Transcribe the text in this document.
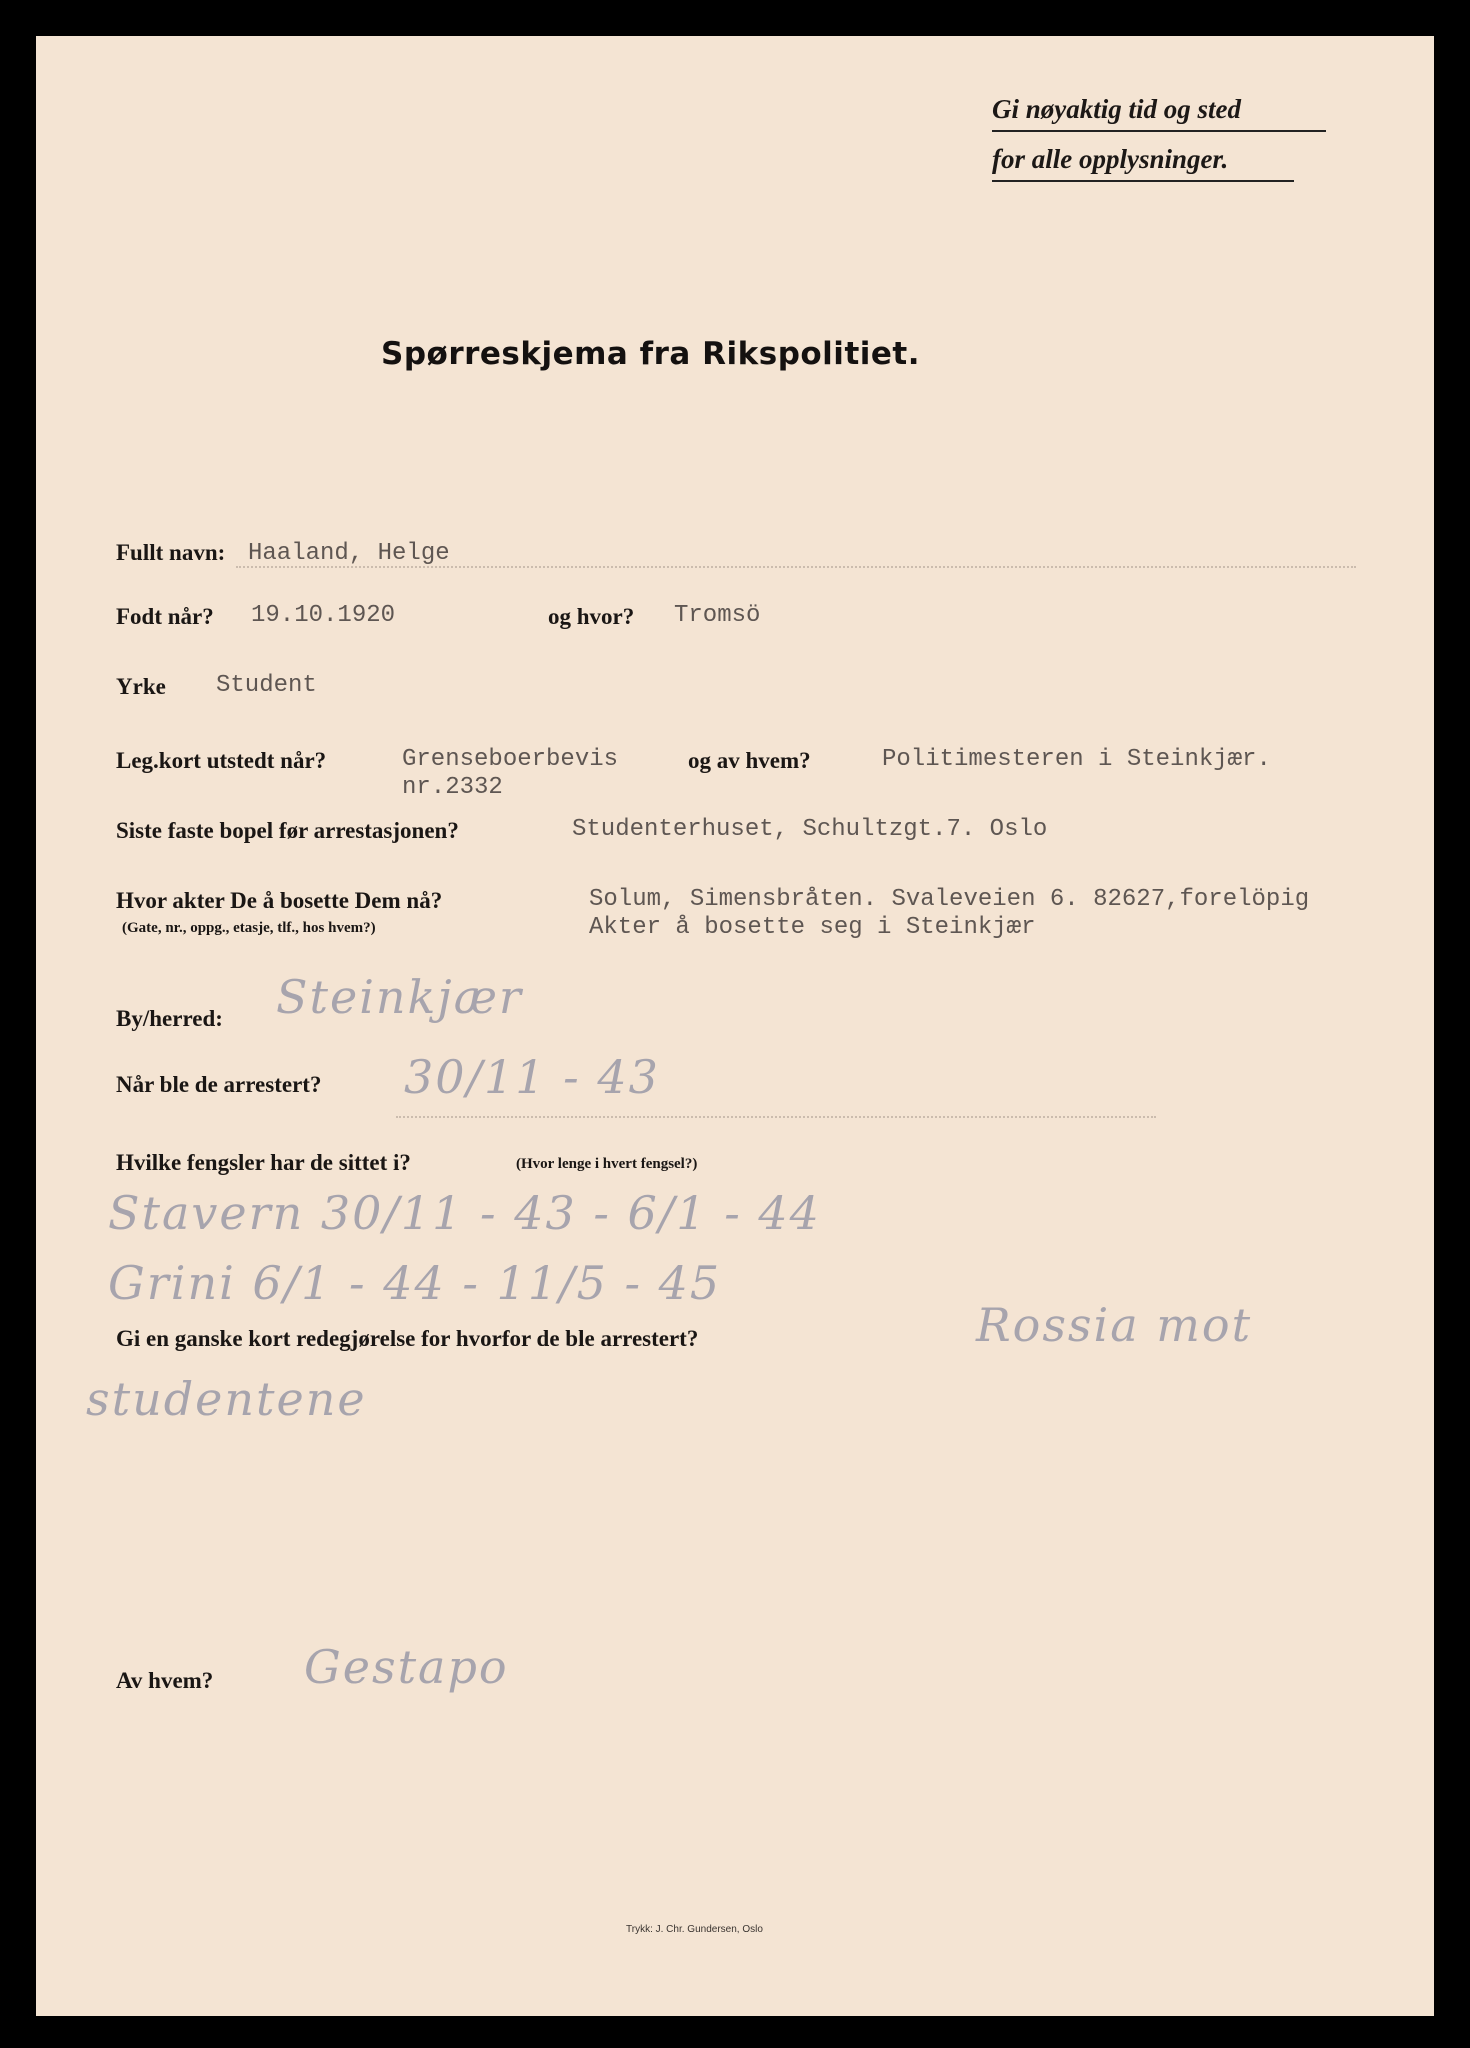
Gi nøyaktig tid og sted
for alle opplysninger.
Spørreskjema fra Rikspolitiet.
Fullt navn: Haaland, Helge
Fodt når? 19.10.1920	og hvor? Tromsö
Yrke Student
Leg.kort utstedt når?	Grenseboerbevis
nr.2332
og av hvem?	Politimesteren i Steinkjær.
Siste faste bopel før arrestasjonen?	Studenterhuset, Schultzgt.7. Oslo
Hvor akter De å bosette Dem nå?
(Gate, nr., oppg., etasje, tlf., hos hvem?)
Solum, Simensbråten. Svaleveien 6. 82627,forelöpig
Akter å bosette seg i Steinkjær
By/herred: Steinkjær
Når ble de arrestert? 30/11 - 43
Hvilke fengsler har de sittet i?	(Hvor lenge i hvert fengsel?)
Stavern 30/11 - 43 - 6/1 - 44
Grini 6/1 - 44 - 11/5 - 45
Gi en ganske kort redegjørelse for hvorfor de ble arrestert?	Rossia mot
studentene
Av hvem? Gestapo
Trykk: J. Chr. Gundersen, Oslo
